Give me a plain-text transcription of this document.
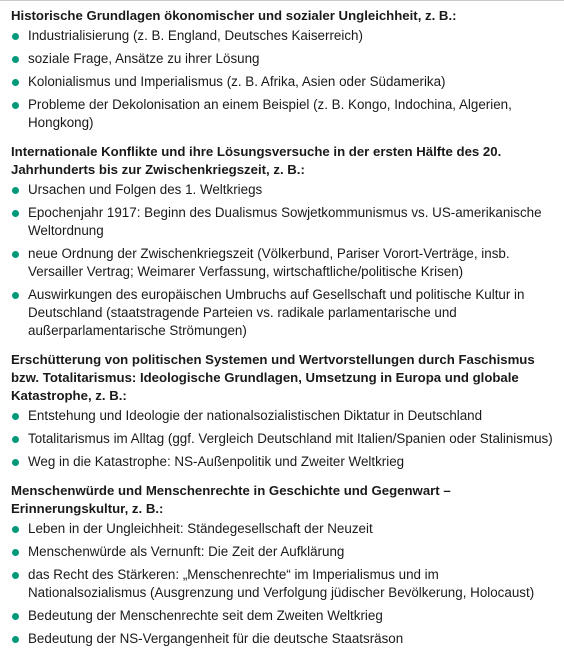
Historische Grundlagen ökonomischer und sozialer Ungleichheit, z. B.:

Industrialisierung (z. B. England, Deutsches Kaiserreich)
soziale Frage, Ansätze zu ihrer Lösung
Kolonialismus und Imperialismus (z. B. Afrika, Asien oder Südamerika)
Probleme der Dekolonisation an einem Beispiel (z. B. Kongo, Indochina, Algerien, Hongkong)

Internationale Konflikte und ihre Lösungsversuche in der ersten Hälfte des 20. Jahrhunderts bis zur Zwischenkriegszeit, z. B.:

Ursachen und Folgen des 1. Weltkriegs
Epochenjahr 1917: Beginn des Dualismus Sowjetkommunismus vs. US-amerikanische Weltordnung
neue Ordnung der Zwischenkriegszeit (Völkerbund, Pariser Vorort-Verträge, insb. Versailler Vertrag; Weimarer Verfassung, wirtschaftliche/politische Krisen)
Auswirkungen des europäischen Umbruchs auf Gesellschaft und politische Kultur in Deutschland (staatstragende Parteien vs. radikale parlamentarische und außerparlamentarische Strömungen)

Erschütterung von politischen Systemen und Wertvorstellungen durch Faschismus bzw. Totalitarismus: Ideologische Grundlagen, Umsetzung in Europa und globale Katastrophe, z. B.:

Entstehung und Ideologie der nationalsozialistischen Diktatur in Deutschland
Totalitarismus im Alltag (ggf. Vergleich Deutschland mit Italien/Spanien oder Stalinismus)
Weg in die Katastrophe: NS-Außenpolitik und Zweiter Weltkrieg

Menschenwürde und Menschenrechte in Geschichte und Gegenwart – Erinnerungskultur, z. B.:

Leben in der Ungleichheit: Ständegesellschaft der Neuzeit
Menschenwürde als Vernunft: Die Zeit der Aufklärung
das Recht des Stärkeren: „Menschenrechte“ im Imperialismus und im Nationalsozialismus (Ausgrenzung und Verfolgung jüdischer Bevölkerung, Holocaust)
Bedeutung der Menschenrechte seit dem Zweiten Weltkrieg
Bedeutung der NS-Vergangenheit für die deutsche Staatsräson
